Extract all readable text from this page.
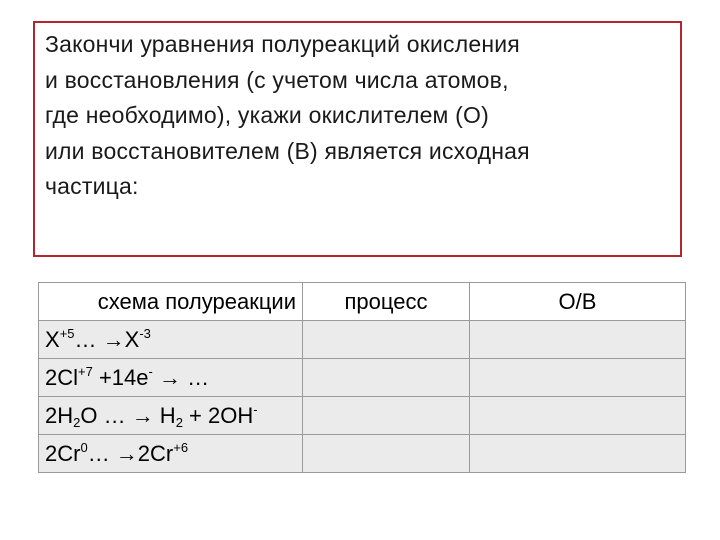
Закончи уравнения полуреакций окисления
и восстановления (с учетом числа атомов,
где необходимо), укажи окислителем (О)
или восстановителем (В) является исходная
частица:
схема полуреакции	процесс	О/В
$X^{+5}\dots \to X^{-3}$		
$2Cl^{+7} +14e^-$ → …		
$2H_2O$ … → $H_2 + 2OH^-$		
$2Cr^0\dots \to 2Cr^{+6}$		
